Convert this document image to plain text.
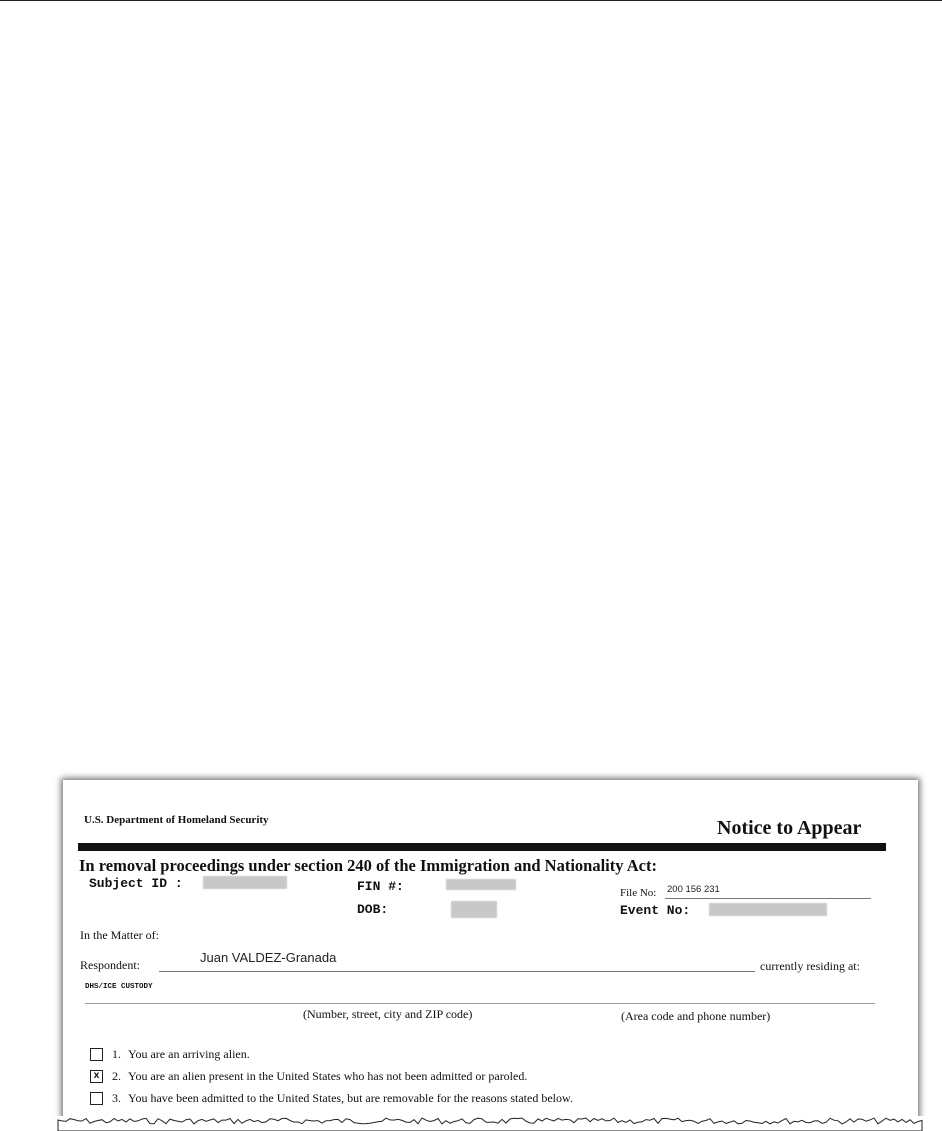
U.S. Department of Homeland Security	Notice to Appear
In removal proceedings under section 240 of the Immigration and Nationality Act:
Subject ID :	FIN #:	File No: 200 156 231
DOB:	Event No:
In the Matter of:
Respondent:	Juan VALDEZ-Granada
currently residing at:
DHS/ICE CUSTODY
(Number, street, city and ZIP code)	(Area code and phone number)
1. You are an arriving alien.
x 2. You are an alien present in the United States who has not been admitted or paroled.
3. You have been admitted to the United States, but are removable for the reasons stated below.
